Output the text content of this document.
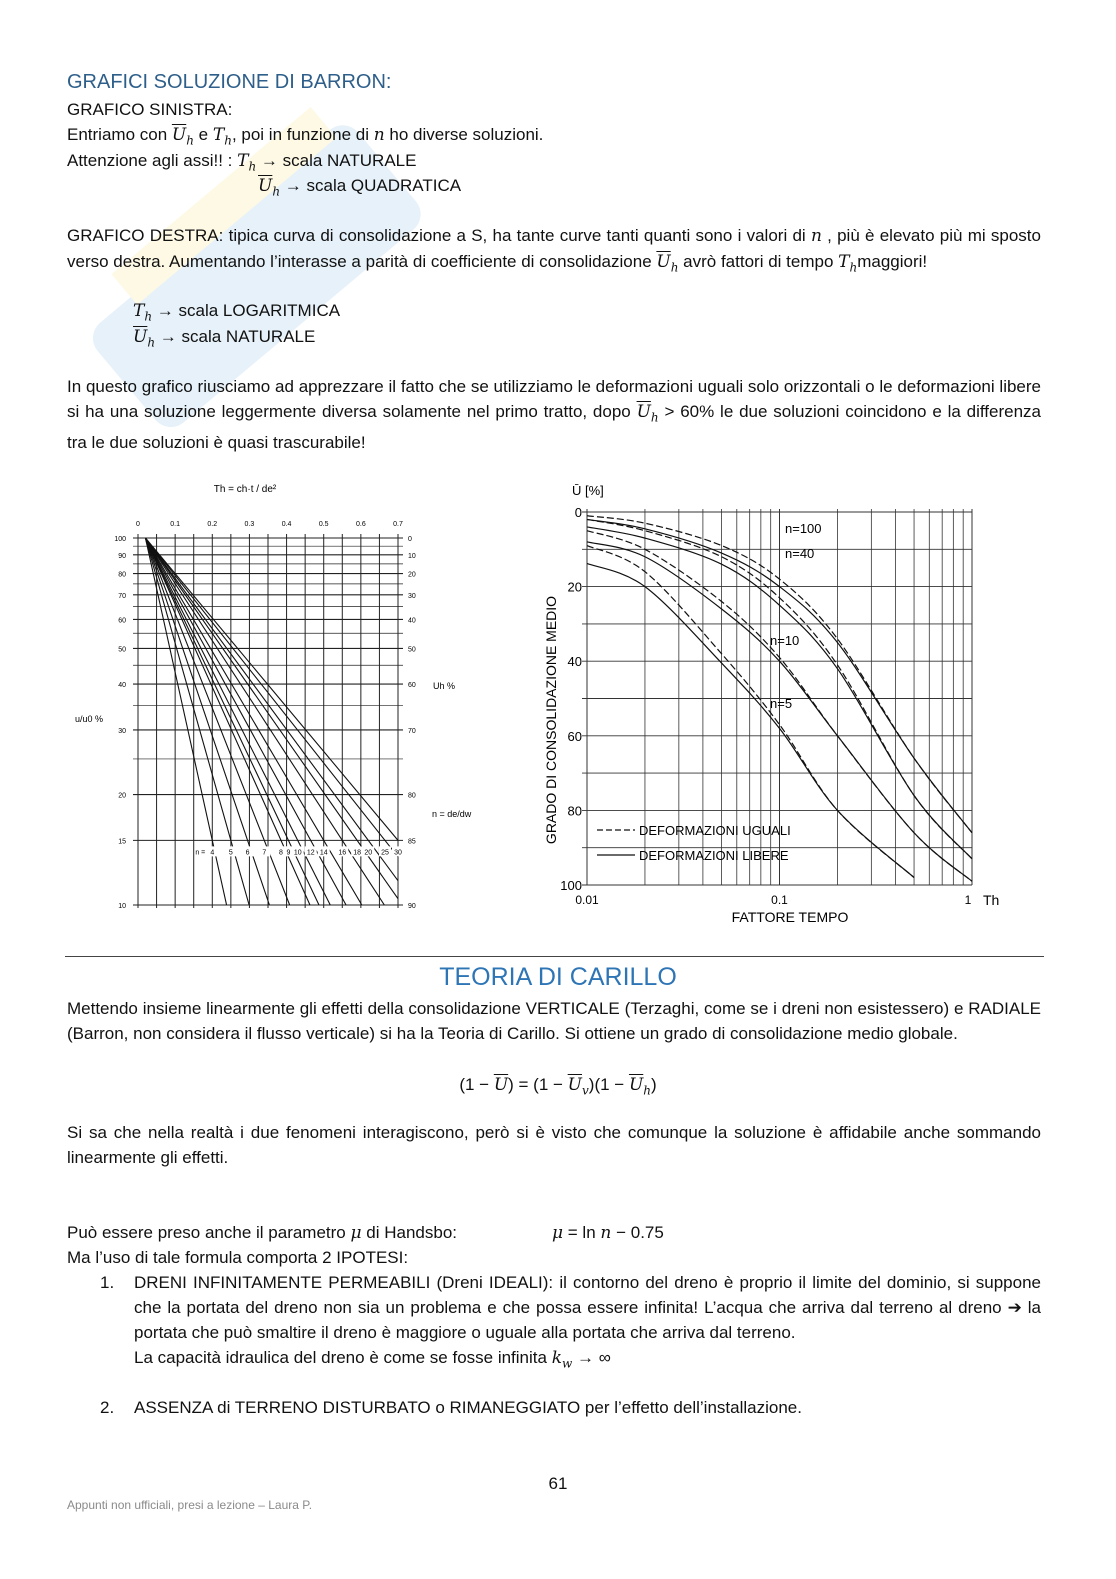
GRAFICI SOLUZIONE DI BARRON:
GRAFICO SINISTRA:
Entriamo con $\overline{U}_h$ e $T_h$, poi in funzione di n ho diverse soluzioni.
Attenzione agli assi!! : $T_h$ → scala NATURALE
$\overline{U}_h$ → scala QUADRATICA
GRAFICO DESTRA: tipica curva di consolidazione a S, ha tante curve tanti quanti sono i valori di n , più è elevato più mi sposto verso destra. Aumentando l’interasse a parità di coefficiente di consolidazione $\overline{U}_h$ avrò fattori di tempo $T_hmaggiori$!
$T_h$ → scala LOGARITMICA
$\overline{U}_h$ → scala NATURALE
In questo grafico riusciamo ad apprezzare il fatto che se utilizziamo le deformazioni uguali solo orizzontali o le deformazioni libere si ha una soluzione leggermente diversa solamente nel primo tratto, dopo $\overline{U}_h > 60\%$ le due soluzioni coincidono e la differenza tra le due soluzioni è quasi trascurabile!
0	0.1	0.2	0.3	0.4	0.5	0.6	0.7
100
90
80
70
60
50
40
30
20
15
10
0
10
20
30
40
50
60
70
80
85
90
Th = ch·t / de²
u/u0 %
Uh %
n = de/dw
4 5 6 7 8 9 10 12 14 16 18 20 25 30
n =
0
20
40
60
80
100
0.01	0.1	1
Ū [%]
GRADO DI CONSOLIDAZIONE MEDIO
FATTORE TEMPO
Th
n=100
n=40
n=10
n=5
DEFORMAZIONI UGUALI
DEFORMAZIONI LIBERE
TEORIA DI CARILLO
Mettendo insieme linearmente gli effetti della consolidazione VERTICALE (Terzaghi, come se i dreni non esistessero) e RADIALE (Barron, non considera il flusso verticale) si ha la Teoria di Carillo. Si ottiene un grado di consolidazione medio globale.
$(1 - \overline{U}) = (1 - \overline{U}_v)(1 - \overline{U}_h)$
Si sa che nella realtà i due fenomeni interagiscono, però si è visto che comunque la soluzione è affidabile anche sommando linearmente gli effetti.
Può essere preso anche il parametro μ di Handsbo:	μ = ln n − 0.75
Ma l’uso di tale formula comporta 2 IPOTESI:
1. DRENI INFINITAMENTE PERMEABILI (Dreni IDEALI): il contorno del dreno è proprio il limite del dominio, si suppone che la portata del dreno non sia un problema e che possa essere infinita! L’acqua che arriva dal terreno al dreno ➔ la portata che può smaltire il dreno è maggiore o uguale alla portata che arriva dal terreno.
La capacità idraulica del dreno è come se fosse infinita $k_w$ → ∞
2. ASSENZA di TERRENO DISTURBATO o RIMANEGGIATO per l’effetto dell’installazione.
61
Appunti non ufficiali, presi a lezione – Laura P.
